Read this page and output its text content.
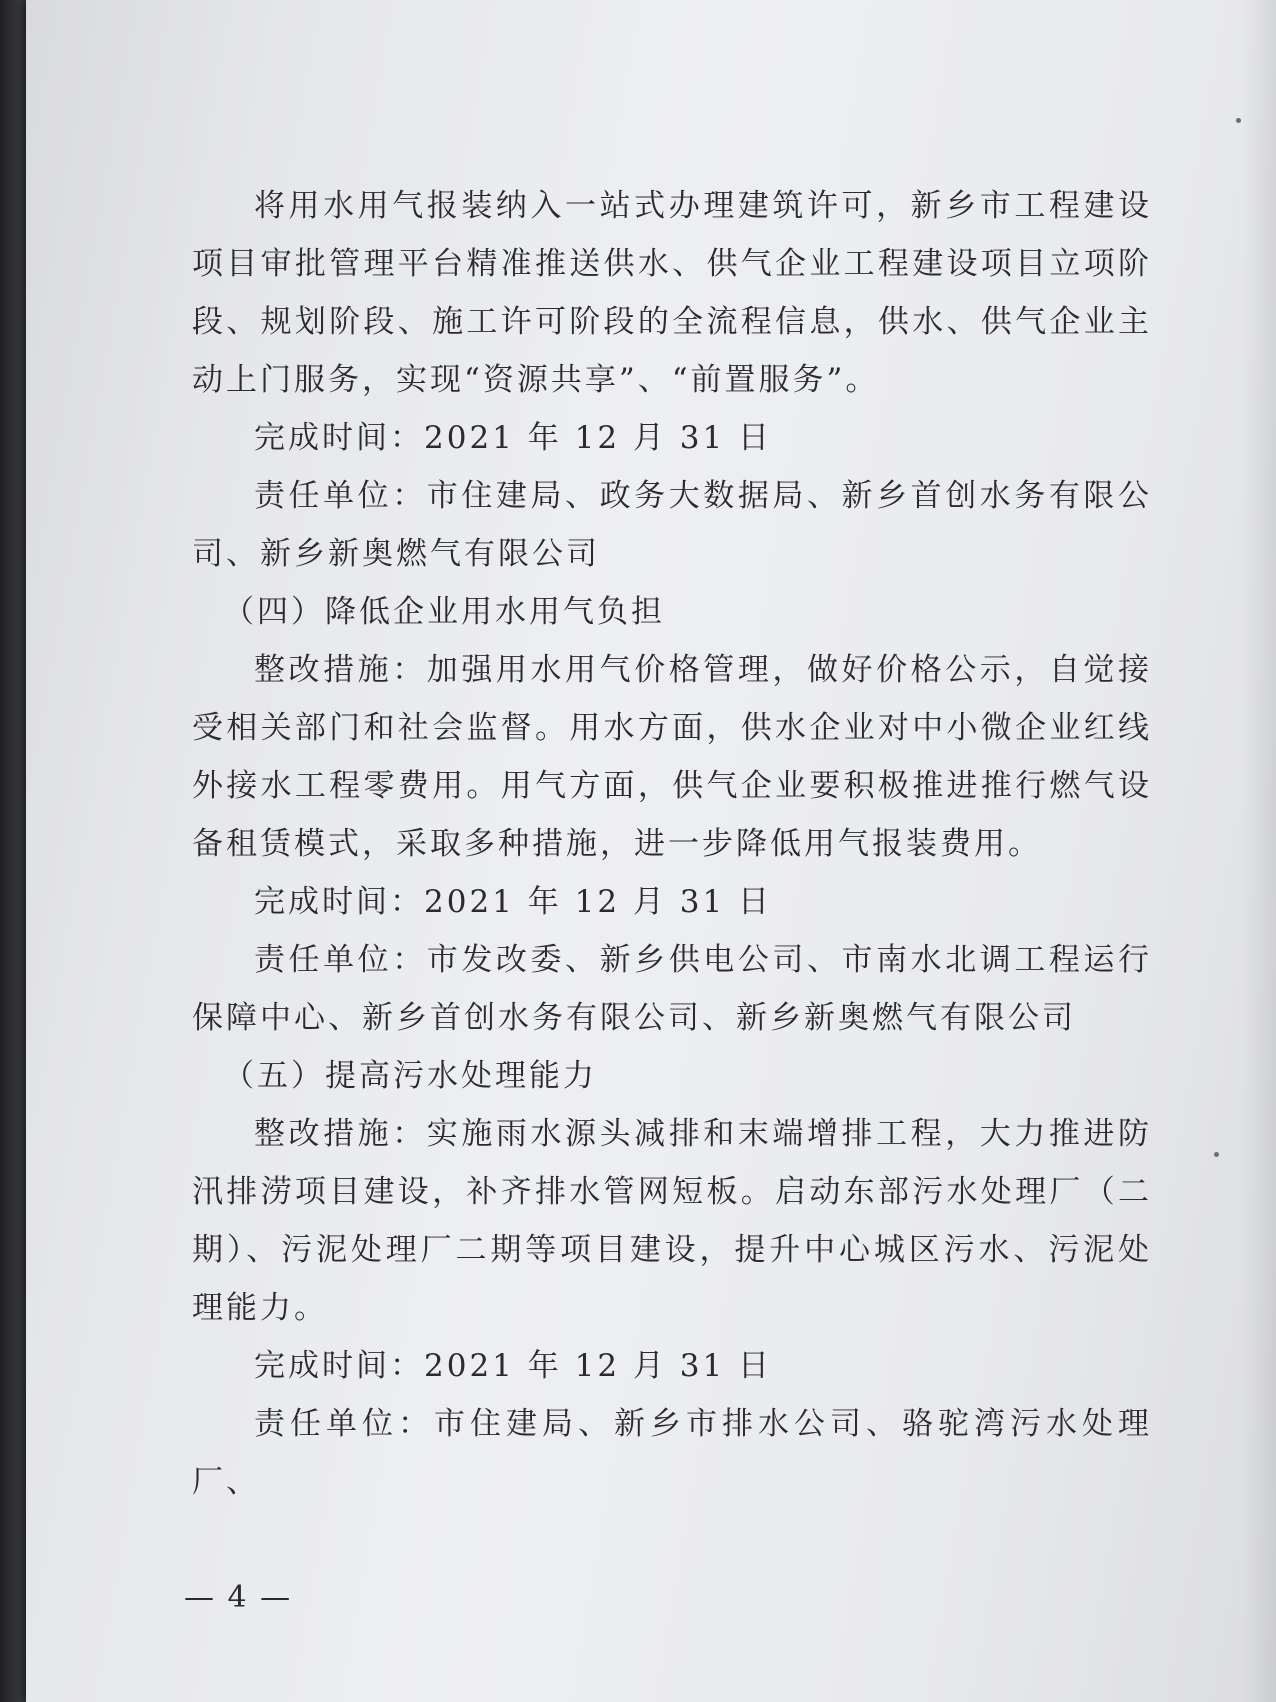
将用水用气报装纳入一站式办理建筑许可，新乡市工程建设项目审批管理平台精准推送供水、供气企业工程建设项目立项阶段、规划阶段、施工许可阶段的全流程信息，供水、供气企业主动上门服务，实现“资源共享”、“前置服务”。

完成时间：2021 年 12 月 31 日

责任单位：市住建局、政务大数据局、新乡首创水务有限公司、新乡新奥燃气有限公司

（四）降低企业用水用气负担

整改措施：加强用水用气价格管理，做好价格公示，自觉接受相关部门和社会监督。用水方面，供水企业对中小微企业红线外接水工程零费用。用气方面，供气企业要积极推进推行燃气设备租赁模式，采取多种措施，进一步降低用气报装费用。

完成时间：2021 年 12 月 31 日

责任单位：市发改委、新乡供电公司、市南水北调工程运行保障中心、新乡首创水务有限公司、新乡新奥燃气有限公司

（五）提高污水处理能力

整改措施：实施雨水源头减排和末端增排工程，大力推进防汛排涝项目建设，补齐排水管网短板。启动东部污水处理厂（二期）、污泥处理厂二期等项目建设，提升中心城区污水、污泥处理能力。

完成时间：2021 年 12 月 31 日

责任单位：市住建局、新乡市排水公司、骆驼湾污水处理厂、

— 4 —
